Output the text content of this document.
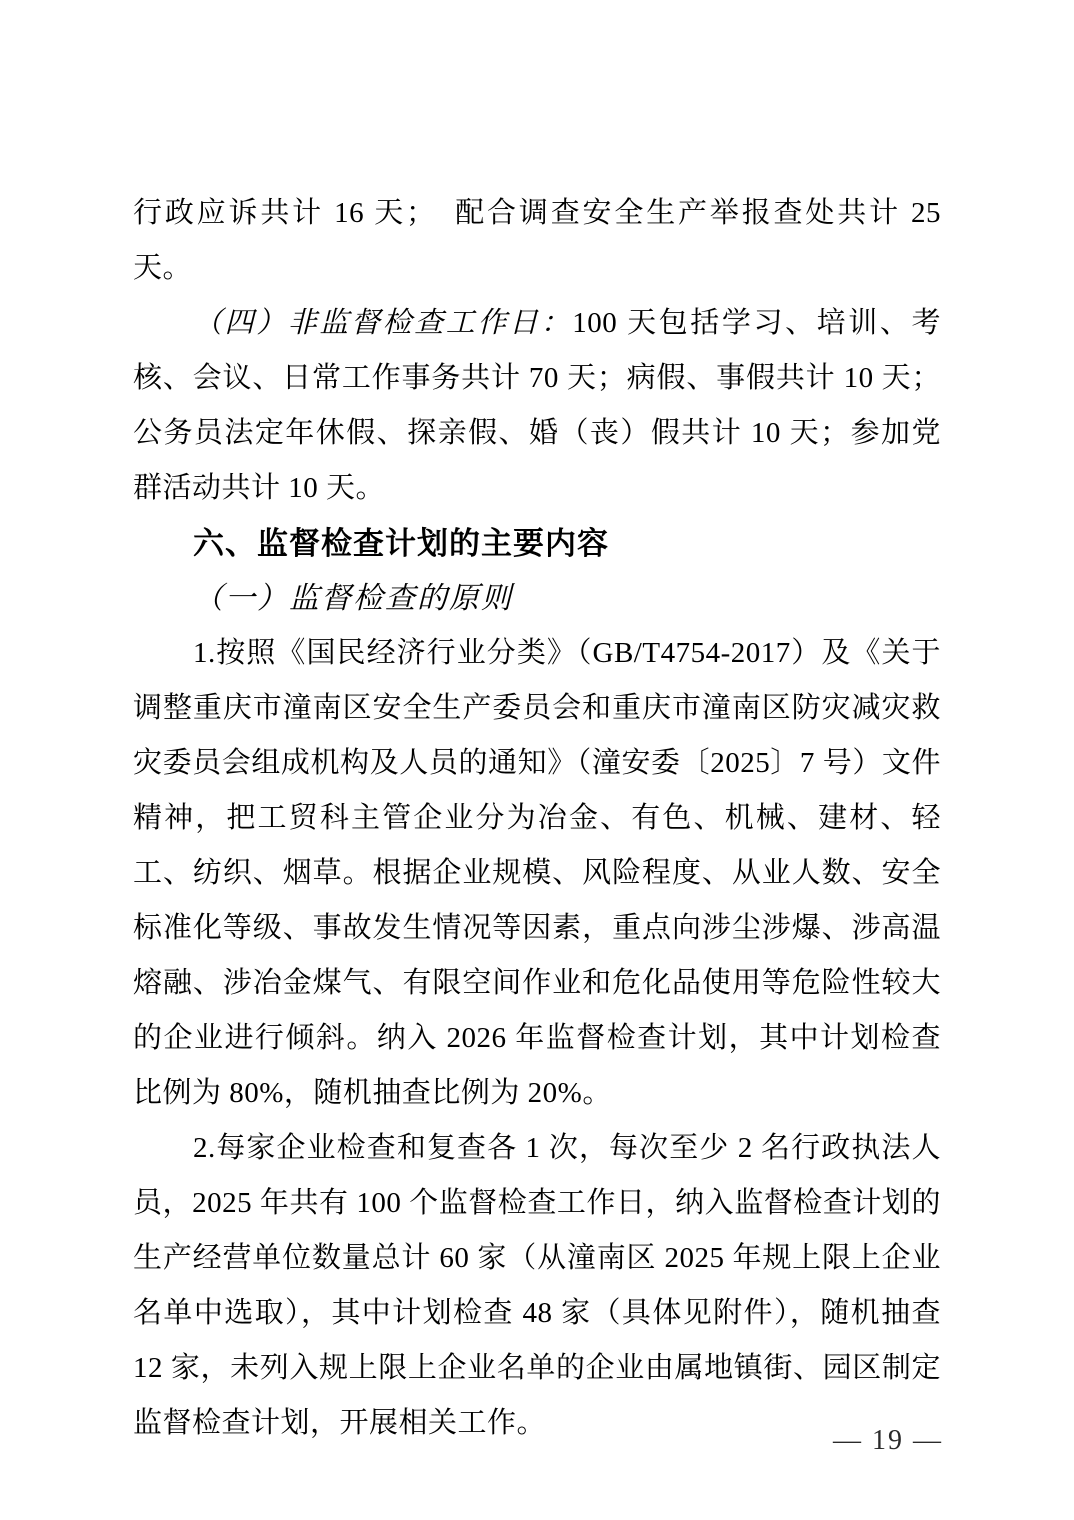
行政应诉共计 16 天；　配合调查安全生产举报查处共计 25 天。

（四）非监督检查工作日：100 天包括学习、培训、考核、会议、日常工作事务共计 70 天；病假、事假共计 10 天；公务员法定年休假、探亲假、婚（丧）假共计 10 天；参加党群活动共计 10 天。

六、监督检查计划的主要内容
（一）监督检查的原则

1.按照《国民经济行业分类》（GB/T4754-2017）及《关于调整重庆市潼南区安全生产委员会和重庆市潼南区防灾减灾救灾委员会组成机构及人员的通知》（潼安委〔2025〕7 号）文件精神，把工贸科主管企业分为冶金、有色、机械、建材、轻工、纺织、烟草。根据企业规模、风险程度、从业人数、安全标准化等级、事故发生情况等因素，重点向涉尘涉爆、涉高温熔融、涉冶金煤气、有限空间作业和危化品使用等危险性较大的企业进行倾斜。纳入 2026 年监督检查计划，其中计划检查比例为 80%，随机抽查比例为 20%。

2.每家企业检查和复查各 1 次，每次至少 2 名行政执法人员，2025 年共有 100 个监督检查工作日，纳入监督检查计划的生产经营单位数量总计 60 家（从潼南区 2025 年规上限上企业名单中选取），其中计划检查 48 家（具体见附件），随机抽查 12 家，未列入规上限上企业名单的企业由属地镇街、园区制定监督检查计划，开展相关工作。

— 19 —
